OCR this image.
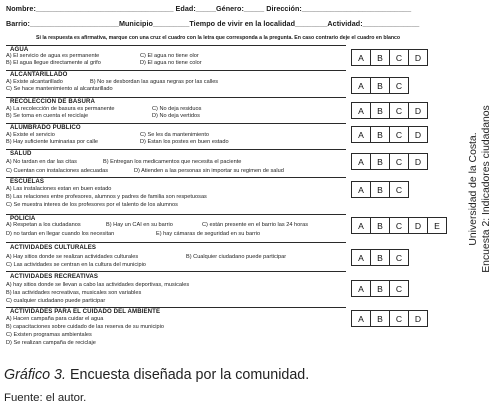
Nombre:__________________________________ Edad:_____Género:_____ Dirección:___________________________
Barrio:______________________Municipio_________Tiempo de vivir en la localidad________Actividad:______________
Si la respuesta es afirmativa, marque con una cruz el cuadro con la letra que corresponda a la pregunta. En caso contrario deje el cuadro en blanco
AGUA
A) El servicio de agua es permanente	C) El agua no tiene olor
B) El agua llegue directamente al grifo	D) El agua no tiene color
A	B	C	D
ALCANTARILLADO
A) Existe alcantarillado	B) No se desbordan las aguas negras por las calles
C) Se hace mantenimiento al alcantarillado	A	B	C
RECOLECCIÓN DE BASURA
A) La recolección de basura es permanente	C) No deja residuos
B) Se toma en cuenta el reciclaje	D) No deja vertidos
A	B	C	D
ALUMBRADO PUBLICO
A) Existe el servicio	C) Se les da mantenimiento
B) Hay suficiente luminarias por calle	D) Estan los postes en buen estado
A	B	C	D
SALUD
A) No tardan en dar las citas	B) Entregan los medicamentos que necesita el paciente
C) Cuentan con instalaciones adecuadas	D) Atienden a las personas sin importar su regimen de salud
A	B	C	D
ESCUELAS
A) Las instalaciones estan en buen estado
B) Las relaciones entre profesores, alumnos y padres de familia son respetuosas
C) Se muestra interes de los profesores por el talento de los alumnos
A	B	C
POLICIA
A) Respetan a los ciudadanos	B) Hay un CAI en su barrio	C) están presente en el barrio las 24 horas
D) no tardan en llegar cuando los necesitan	E) hay cámaras de seguridad en su barrio
A	B	C	D	E
ACTIVIDADES CULTURALES
A) Hay sitios donde se realizan actividades culturales	B) Cualquier ciudadano puede participar
C) Las actividades se centran en la cultura del municipio
A	B	C
ACTIVIDADES RECREATIVAS
A) hay sitios donde se llevan a cabo las actividades deportivas, musicales
B) las actividades recreativas, musicales son variables
C) cualquier ciudadano puede participar
A	B	C
ACTIVIDADES PARA EL CUIDADO DEL AMBIENTE
A) Hacen campaña para cuidar el agua
B) capacitaciones sobre cuidado de las reserva de su municipio
C) Existen programas ambientales
D) Se realizan campaña de reciclaje
A	B	C	D
Universidad de la Costa. Encuesta 2: Indicadores ciudadanos
Gráfico 3. Encuesta diseñada por la comunidad.
Fuente: el autor.
